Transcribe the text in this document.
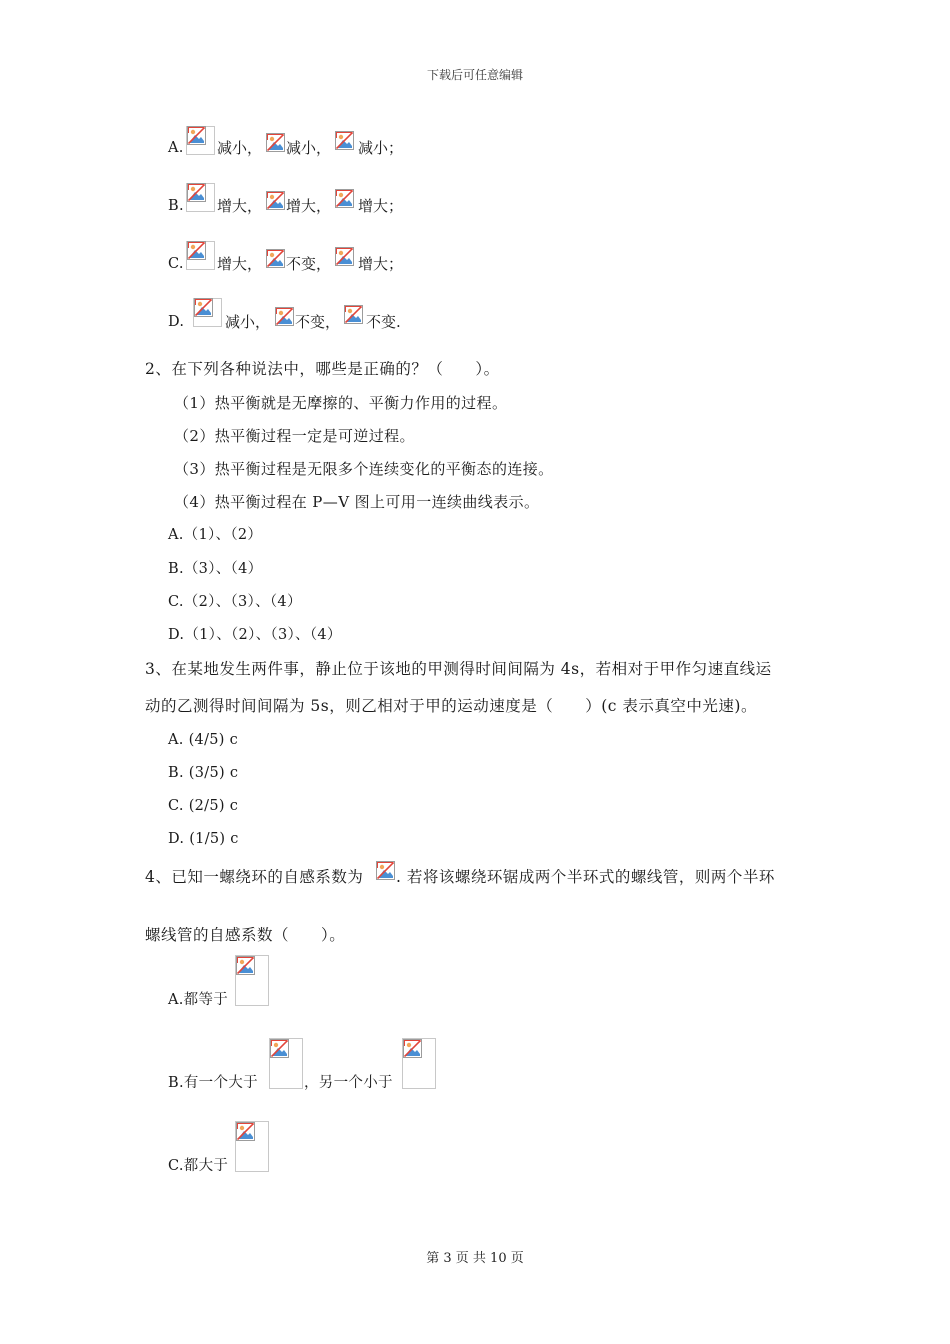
下载后可任意编辑
A. 减小， 减小， 减小；
B. 增大， 增大， 增大；
C. 增大， 不变， 增大；
D.	减小， 不变， 不变.
2、在下列各种说法中，哪些是正确的？（　　）。
（1）热平衡就是无摩擦的、平衡力作用的过程。
（2）热平衡过程一定是可逆过程。
（3）热平衡过程是无限多个连续变化的平衡态的连接。
（4）热平衡过程在 P—V 图上可用一连续曲线表示。
A.（1）、（2）
B.（3）、（4）
C.（2）、（3）、（4）
D.（1）、（2）、（3）、（4）
3、在某地发生两件事，静止位于该地的甲测得时间间隔为 4s，若相对于甲作匀速直线运
动的乙测得时间间隔为 5s，则乙相对于甲的运动速度是（　　）(c 表示真空中光速)。
A. (4/5) c
B. (3/5) c
C. (2/5) c
D. (1/5) c
4、已知一螺绕环的自感系数为 . 若将该螺绕环锯成两个半环式的螺线管，则两个半环
螺线管的自感系数（　　）。
A.都等于
B.有一个大于	，另一个小于
C.都大于
第 3 页 共 10 页
